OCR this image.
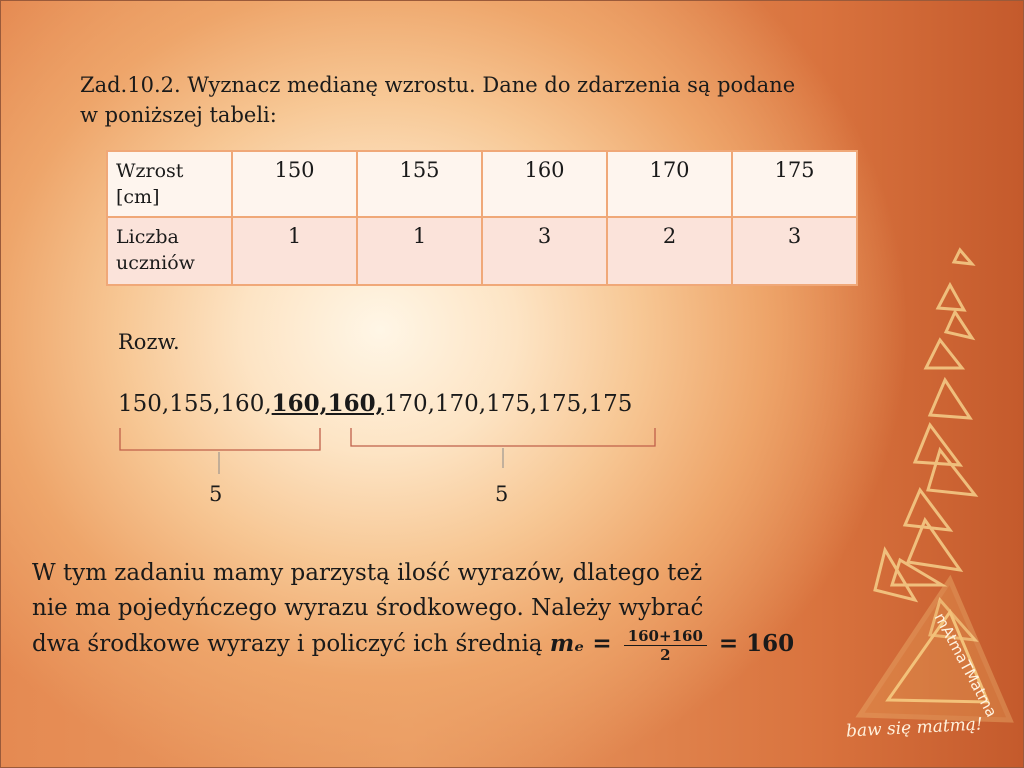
Zad.10.2. Wyznacz medianę wzrostu. Dane do zdarzenia są podane
w poniższej tabeli:
Wzrost
[cm]	150	155	160	170	175

Liczba
uczniów	1	1	3	2	3
Rozw.
150,155,160,160,160,170,170,175,175,175
5	5
W tym zadaniu mamy parzystą ilość wyrazów, dlatego też
nie ma pojedyńczego wyrazu środkowego. Należy wybrać
dwa środkowe wyrazy i policzyć ich średnią $m_e = \frac{160+160}{2} = 160$	mAtmaTMatma
baw się matmą!
